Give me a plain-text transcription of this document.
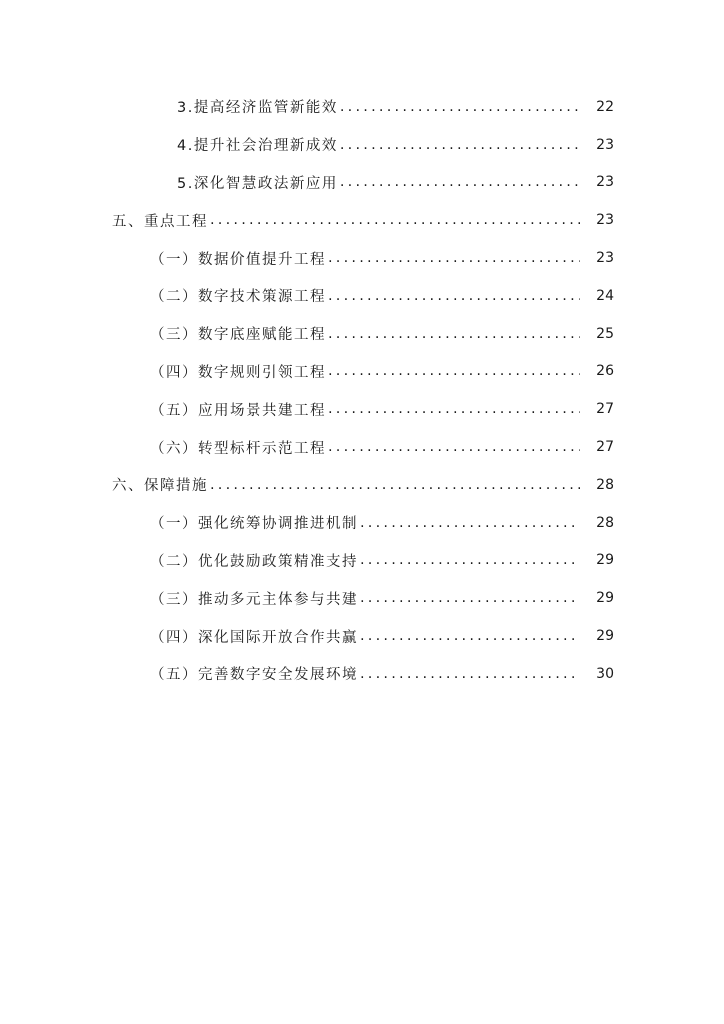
3.提高经济监管新能效 .....	22
4.提升社会治理新成效 .....	23
5.深化智慧政法新应用 .....	23
五、重点工程 .....	23
（一）数据价值提升工程 .....	23
（二）数字技术策源工程 .....	24
（三）数字底座赋能工程 .....	25
（四）数字规则引领工程 .....	26
（五）应用场景共建工程 .....	27
（六）转型标杆示范工程 .....	27
六、保障措施 .....	28
（一）强化统筹协调推进机制 .....	28
（二）优化鼓励政策精准支持 .....	29
（三）推动多元主体参与共建 .....	29
（四）深化国际开放合作共赢 .....	29
（五）完善数字安全发展环境 .....	30
